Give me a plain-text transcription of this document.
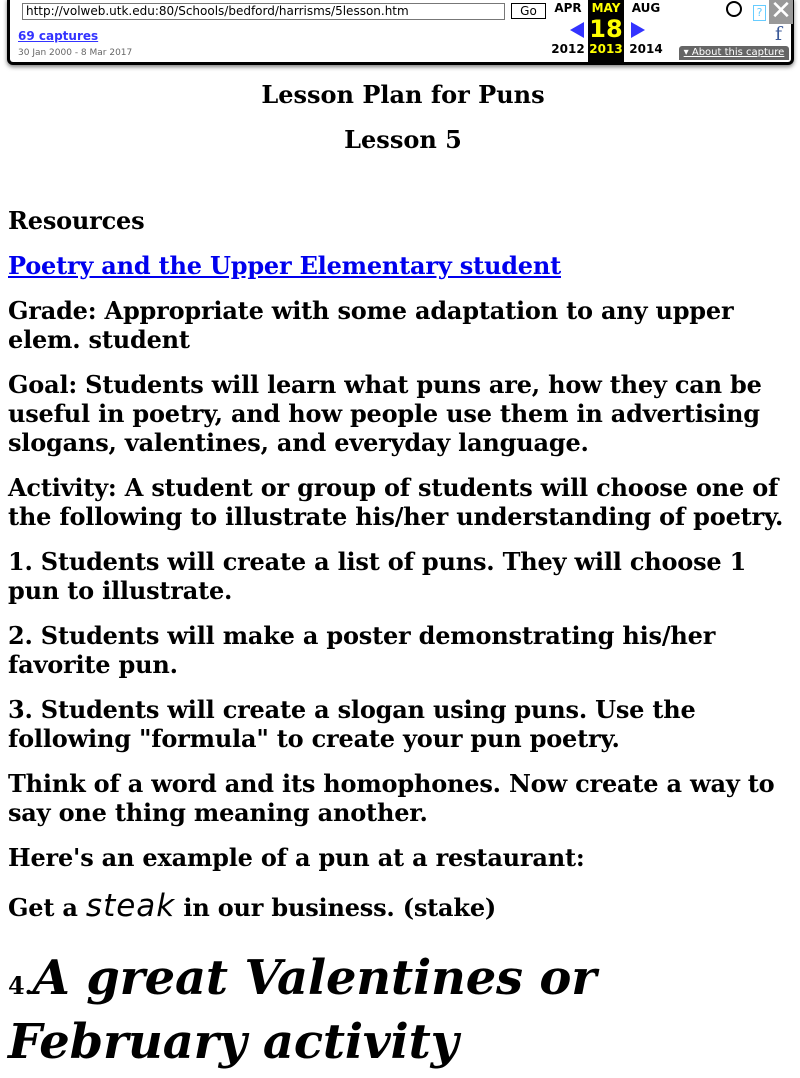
http://volweb.utk.edu:80/Schools/bedford/harrisms/5lesson.htm	Go
69 captures
30 Jan 2000 - 8 Mar 2017
APR
2012
MAY
18
2013
AUG
2014
? ✕
f
▾ About this capture
Lesson Plan for Puns
Lesson 5

Resources

Poetry and the Upper Elementary student

Grade: Appropriate with some adaptation to any upper elem. student

Goal: Students will learn what puns are, how they can be useful in poetry, and how people use them in advertising slogans, valentines, and everyday language.

Activity: A student or group of students will choose one of the following to illustrate his/her understanding of poetry.

1. Students will create a list of puns. They will choose 1 pun to illustrate.

2. Students will make a poster demonstrating his/her favorite pun.

3. Students will create a slogan using puns. Use the following "formula" to create your pun poetry.

Think of a word and its homophones. Now create a way to say one thing meaning another.

Here's an example of a pun at a restaurant:

Get a steak in our business. (stake)

4.A great Valentines or February activity
